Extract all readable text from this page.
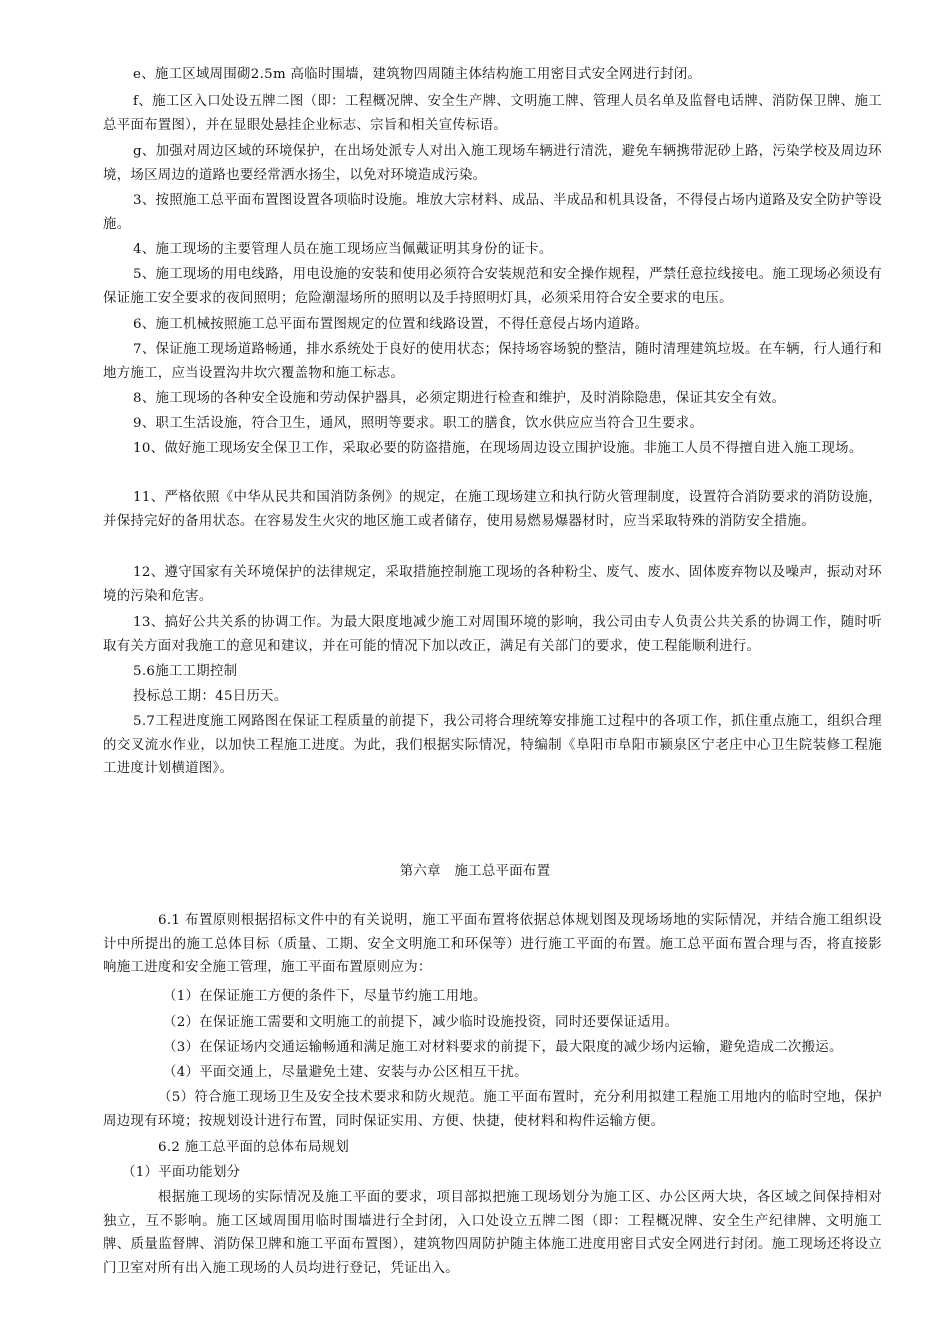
e、施工区域周围砌2.5m 高临时围墙，建筑物四周随主体结构施工用密目式安全网进行封闭。
f、施工区入口处设五牌二图（即：工程概况牌、安全生产牌、文明施工牌、管理人员名单及监督电话牌、消防保卫牌、施工总平面布置图），并在显眼处悬挂企业标志、宗旨和相关宣传标语。
g、加强对周边区域的环境保护，在出场处派专人对出入施工现场车辆进行清洗，避免车辆携带泥砂上路，污染学校及周边环境，场区周边的道路也要经常洒水扬尘，以免对环境造成污染。
3、按照施工总平面布置图设置各项临时设施。堆放大宗材料、成品、半成品和机具设备，不得侵占场内道路及安全防护等设施。
4、施工现场的主要管理人员在施工现场应当佩戴证明其身份的证卡。
5、施工现场的用电线路，用电设施的安装和使用必须符合安装规范和安全操作规程，严禁任意拉线接电。施工现场必须设有保证施工安全要求的夜间照明；危险潮湿场所的照明以及手持照明灯具，必须采用符合安全要求的电压。
6、施工机械按照施工总平面布置图规定的位置和线路设置，不得任意侵占场内道路。
7、保证施工现场道路畅通，排水系统处于良好的使用状态；保持场容场貌的整洁，随时清理建筑垃圾。在车辆，行人通行和地方施工，应当设置沟井坎穴覆盖物和施工标志。
8、施工现场的各种安全设施和劳动保护器具，必须定期进行检查和维护，及时消除隐患，保证其安全有效。
9、职工生活设施，符合卫生，通风，照明等要求。职工的膳食，饮水供应应当符合卫生要求。
10、做好施工现场安全保卫工作，采取必要的防盗措施，在现场周边设立围护设施。非施工人员不得擅自进入施工现场。
11、严格依照《中华从民共和国消防条例》的规定，在施工现场建立和执行防火管理制度，设置符合消防要求的消防设施，并保持完好的备用状态。在容易发生火灾的地区施工或者储存，使用易燃易爆器材时，应当采取特殊的消防安全措施。
12、遵守国家有关环境保护的法律规定，采取措施控制施工现场的各种粉尘、废气、废水、固体废弃物以及噪声，振动对环境的污染和危害。
13、搞好公共关系的协调工作。为最大限度地减少施工对周围环境的影响，我公司由专人负责公共关系的协调工作，随时听取有关方面对我施工的意见和建议，并在可能的情况下加以改正，满足有关部门的要求，使工程能顺利进行。
5.6施工工期控制
投标总工期：45日历天。
5.7工程进度施工网路图在保证工程质量的前提下，我公司将合理统筹安排施工过程中的各项工作，抓住重点施工，组织合理的交叉流水作业，以加快工程施工进度。为此，我们根据实际情况，特编制《阜阳市阜阳市颍泉区宁老庄中心卫生院装修工程施工进度计划横道图》。
第六章　施工总平面布置
6.1 布置原则根据招标文件中的有关说明，施工平面布置将依据总体规划图及现场场地的实际情况，并结合施工组织设计中所提出的施工总体目标（质量、工期、安全文明施工和环保等）进行施工平面的布置。施工总平面布置合理与否，将直接影响施工进度和安全施工管理，施工平面布置原则应为：
（1）在保证施工方便的条件下，尽量节约施工用地。
（2）在保证施工需要和文明施工的前提下，减少临时设施投资，同时还要保证适用。
（3）在保证场内交通运输畅通和满足施工对材料要求的前提下，最大限度的减少场内运输，避免造成二次搬运。
（4）平面交通上，尽量避免土建、安装与办公区相互干扰。
（5）符合施工现场卫生及安全技术要求和防火规范。施工平面布置时，充分利用拟建工程施工用地内的临时空地，保护周边现有环境；按规划设计进行布置，同时保证实用、方便、快捷，使材料和构件运输方便。
6.2 施工总平面的总体布局规划
（1）平面功能划分
根据施工现场的实际情况及施工平面的要求，项目部拟把施工现场划分为施工区、办公区两大块，各区域之间保持相对独立，互不影响。施工区域周围用临时围墙进行全封闭，入口处设立五牌二图（即：工程概况牌、安全生产纪律牌、文明施工牌、质量监督牌、消防保卫牌和施工平面布置图），建筑物四周防护随主体施工进度用密目式安全网进行封闭。施工现场还将设立门卫室对所有出入施工现场的人员均进行登记，凭证出入。
